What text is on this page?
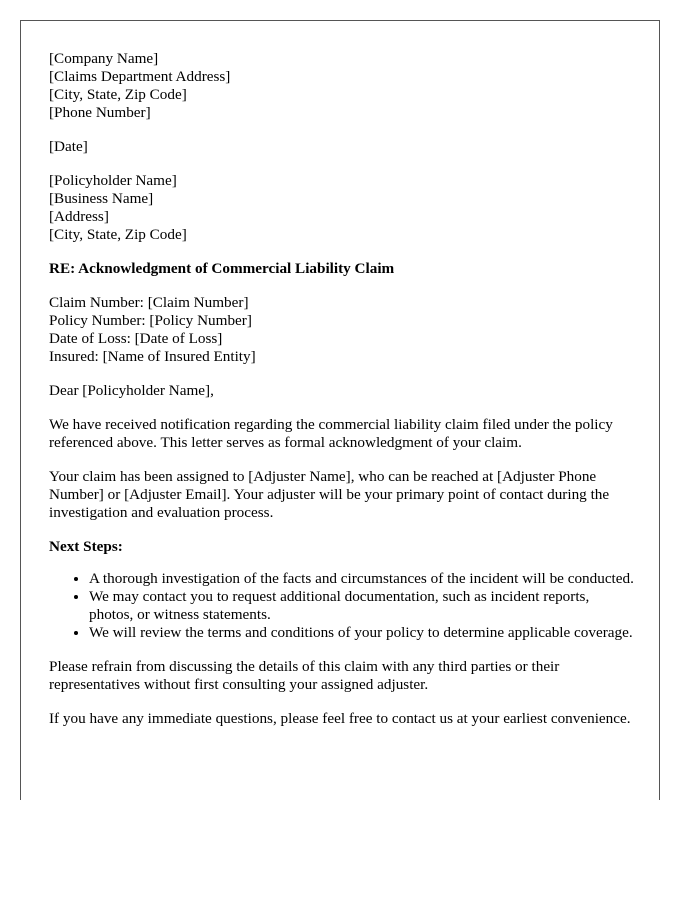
[Company Name]
[Claims Department Address]
[City, State, Zip Code]
[Phone Number]
[Date]
[Policyholder Name]
[Business Name]
[Address]
[City, State, Zip Code]
RE: Acknowledgment of Commercial Liability Claim
Claim Number: [Claim Number]
Policy Number: [Policy Number]
Date of Loss: [Date of Loss]
Insured: [Name of Insured Entity]

Dear [Policyholder Name],

We have received notification regarding the commercial liability claim filed under the policy referenced above. This letter serves as formal acknowledgment of your claim.

Your claim has been assigned to [Adjuster Name], who can be reached at [Adjuster Phone Number] or [Adjuster Email]. Your adjuster will be your primary point of contact during the investigation and evaluation process.

Next Steps:
• A thorough investigation of the facts and circumstances of the incident will be conducted.
• We may contact you to request additional documentation, such as incident reports, photos, or witness statements.
• We will review the terms and conditions of your policy to determine applicable coverage.

Please refrain from discussing the details of this claim with any third parties or their representatives without first consulting your assigned adjuster.

If you have any immediate questions, please feel free to contact us at your earliest convenience.
